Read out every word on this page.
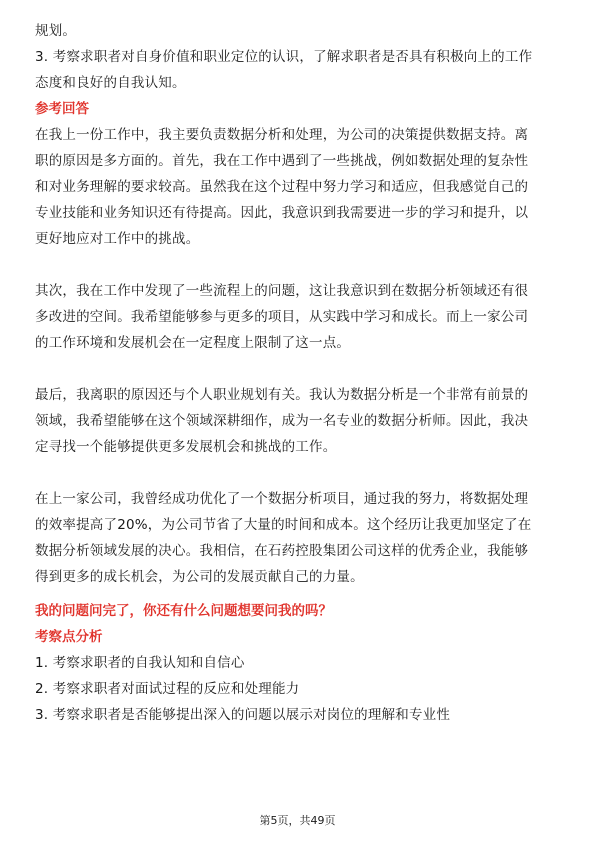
规划。
3. 考察求职者对自身价值和职业定位的认识，了解求职者是否具有积极向上的工作
态度和良好的自我认知。
参考回答
在我上一份工作中，我主要负责数据分析和处理，为公司的决策提供数据支持。离
职的原因是多方面的。首先，我在工作中遇到了一些挑战，例如数据处理的复杂性
和对业务理解的要求较高。虽然我在这个过程中努力学习和适应，但我感觉自己的
专业技能和业务知识还有待提高。因此，我意识到我需要进一步的学习和提升，以
更好地应对工作中的挑战。
其次，我在工作中发现了一些流程上的问题，这让我意识到在数据分析领域还有很
多改进的空间。我希望能够参与更多的项目，从实践中学习和成长。而上一家公司
的工作环境和发展机会在一定程度上限制了这一点。
最后，我离职的原因还与个人职业规划有关。我认为数据分析是一个非常有前景的
领域，我希望能够在这个领域深耕细作，成为一名专业的数据分析师。因此，我决
定寻找一个能够提供更多发展机会和挑战的工作。
在上一家公司，我曾经成功优化了一个数据分析项目，通过我的努力，将数据处理
的效率提高了20%，为公司节省了大量的时间和成本。这个经历让我更加坚定了在
数据分析领域发展的决心。我相信，在石药控股集团公司这样的优秀企业，我能够
得到更多的成长机会，为公司的发展贡献自己的力量。
我的问题问完了，你还有什么问题想要问我的吗？
考察点分析
1. 考察求职者的自我认知和自信心
2. 考察求职者对面试过程的反应和处理能力
3. 考察求职者是否能够提出深入的问题以展示对岗位的理解和专业性
第5页，共49页
